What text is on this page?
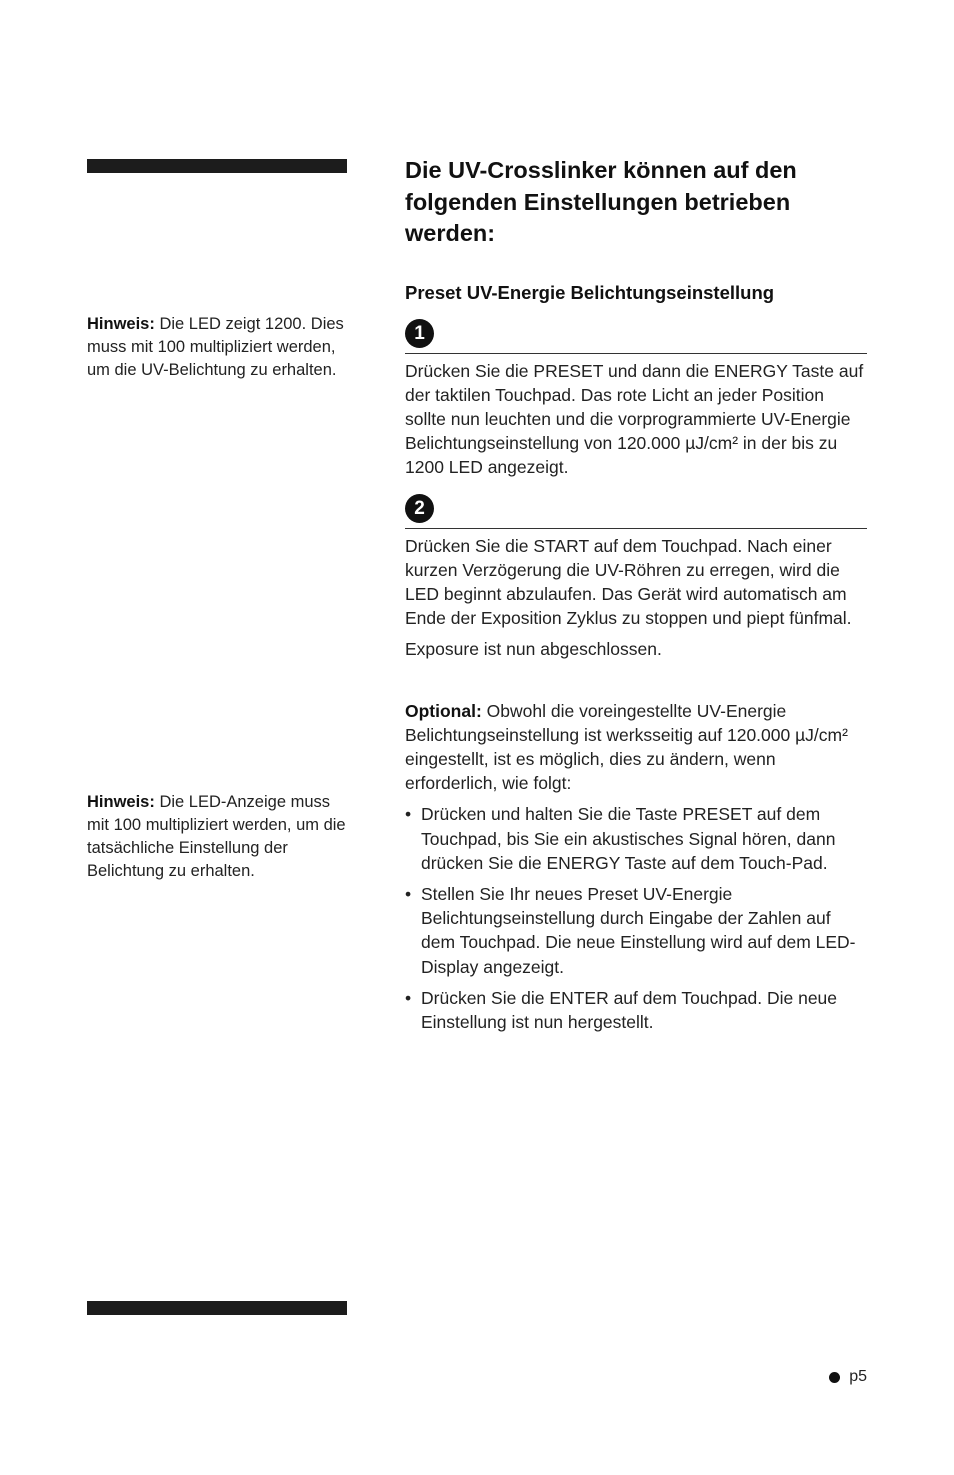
Hinweis: Die LED zeigt 1200. Dies muss mit 100 multipliziert werden, um die UV-Belichtung zu erhalten.
Hinweis: Die LED-Anzeige muss mit 100 multipliziert werden, um die tatsächliche Einstellung der Belichtung zu erhalten.
Die UV-Crosslinker können auf den folgenden Einstellungen betrieben werden:
Preset UV-Energie Belichtungseinstellung
1

Drücken Sie die PRESET und dann die ENERGY Taste auf der taktilen Touchpad. Das rote Licht an jeder Position sollte nun leuchten und die vorprogrammierte UV-Energie Belichtungseinstellung von 120.000 µJ/cm² in der bis zu 1200 LED angezeigt.

2

Drücken Sie die START auf dem Touchpad. Nach einer kurzen Verzögerung die UV-Röhren zu erregen, wird die LED beginnt abzulaufen. Das Gerät wird automatisch am Ende der Exposition Zyklus zu stoppen und piept fünfmal.

Exposure ist nun abgeschlossen.

Optional: Obwohl die voreingestellte UV-Energie Belichtungseinstellung ist werksseitig auf 120.000 µJ/cm² eingestellt, ist es möglich, dies zu ändern, wenn erforderlich, wie folgt:

• Drücken und halten Sie die Taste PRESET auf dem Touchpad, bis Sie ein akustisches Signal hören, dann drücken Sie die ENERGY Taste auf dem Touch-Pad.
• Stellen Sie Ihr neues Preset UV-Energie Belichtungseinstellung durch Eingabe der Zahlen auf dem Touchpad. Die neue Einstellung wird auf dem LED-Display angezeigt.
• Drücken Sie die ENTER auf dem Touchpad. Die neue Einstellung ist nun hergestellt.
p5
